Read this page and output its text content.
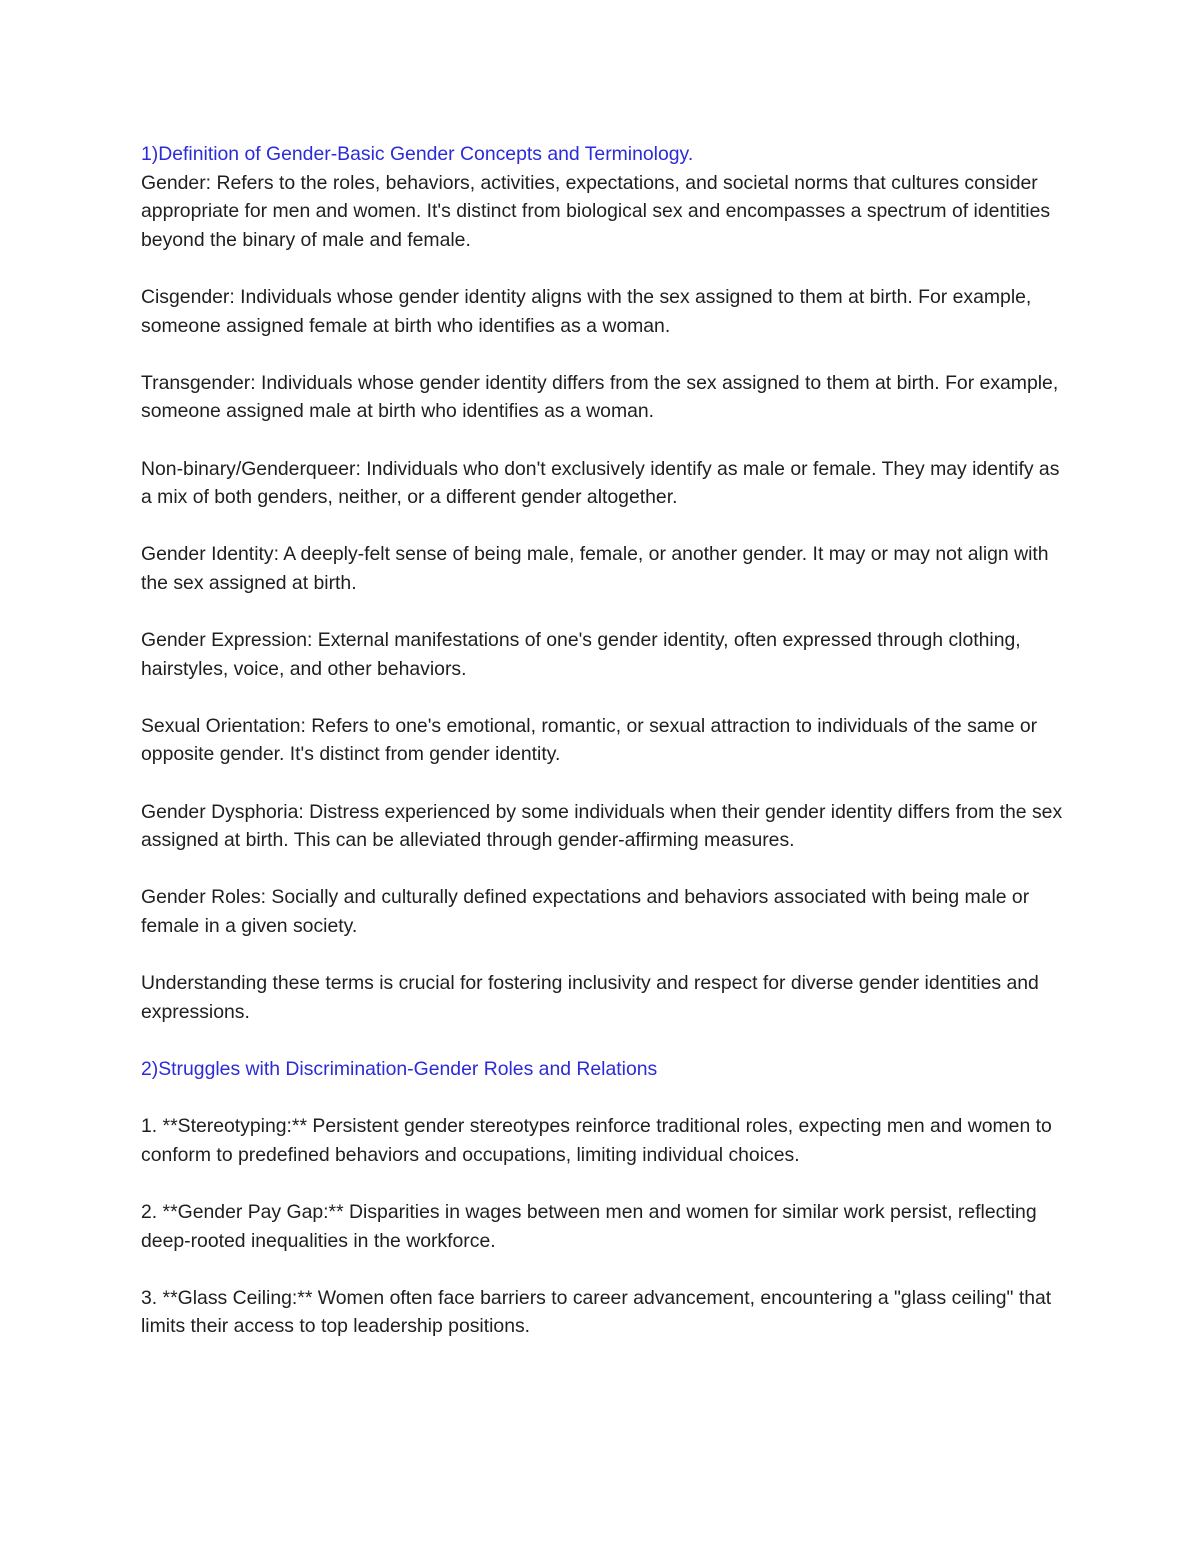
1)Definition of Gender-Basic Gender Concepts and Terminology.

Gender: Refers to the roles, behaviors, activities, expectations, and societal norms that cultures consider appropriate for men and women. It's distinct from biological sex and encompasses a spectrum of identities beyond the binary of male and female.

Cisgender: Individuals whose gender identity aligns with the sex assigned to them at birth. For example, someone assigned female at birth who identifies as a woman.

Transgender: Individuals whose gender identity differs from the sex assigned to them at birth. For example, someone assigned male at birth who identifies as a woman.

Non-binary/Genderqueer: Individuals who don't exclusively identify as male or female. They may identify as a mix of both genders, neither, or a different gender altogether.

Gender Identity: A deeply-felt sense of being male, female, or another gender. It may or may not align with the sex assigned at birth.

Gender Expression: External manifestations of one's gender identity, often expressed through clothing, hairstyles, voice, and other behaviors.

Sexual Orientation: Refers to one's emotional, romantic, or sexual attraction to individuals of the same or opposite gender. It's distinct from gender identity.

Gender Dysphoria: Distress experienced by some individuals when their gender identity differs from the sex assigned at birth. This can be alleviated through gender-affirming measures.

Gender Roles: Socially and culturally defined expectations and behaviors associated with being male or female in a given society.

Understanding these terms is crucial for fostering inclusivity and respect for diverse gender identities and expressions.

2)Struggles with Discrimination-Gender Roles and Relations

1. **Stereotyping:** Persistent gender stereotypes reinforce traditional roles, expecting men and women to conform to predefined behaviors and occupations, limiting individual choices.

2. **Gender Pay Gap:** Disparities in wages between men and women for similar work persist, reflecting deep-rooted inequalities in the workforce.

3. **Glass Ceiling:** Women often face barriers to career advancement, encountering a "glass ceiling" that limits their access to top leadership positions.
